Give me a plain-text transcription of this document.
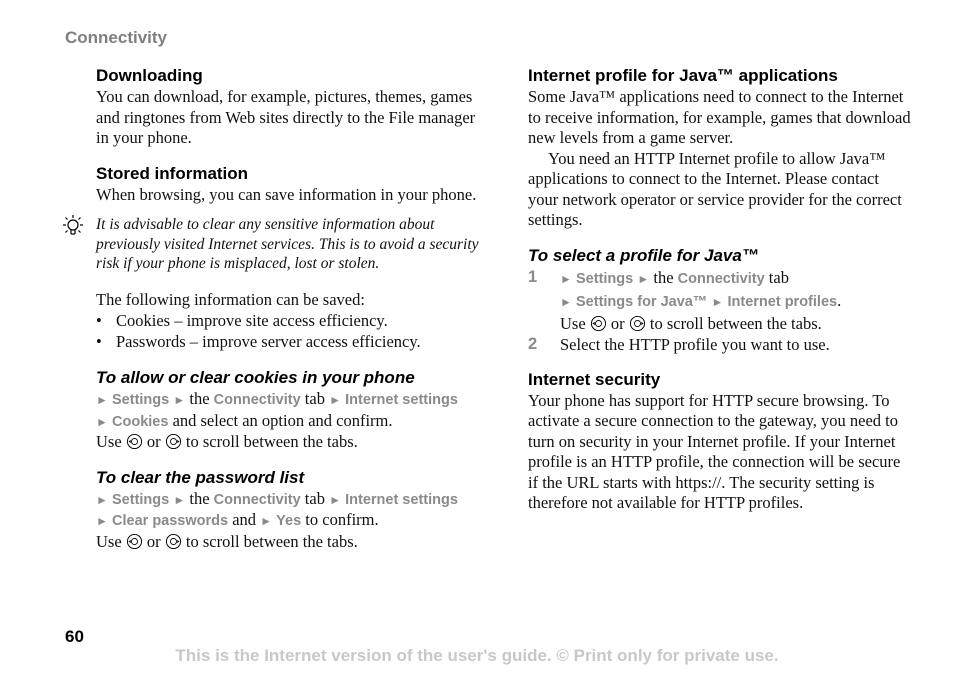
Connectivity
Downloading

You can download, for example, pictures, themes, games and ringtones from Web sites directly to the File manager in your phone.

Stored information

When browsing, you can save information in your phone.

It is advisable to clear any sensitive information about previously visited Internet services. This is to avoid a security risk if your phone is misplaced, lost or stolen.

The following information can be saved:

• Cookies – improve site access efficiency.
• Passwords – improve server access efficiency.
To allow or clear cookies in your phone

► Settings ► the Connectivity tab ► Internet settings

► Cookies and select an option and confirm.

Use or to scroll between the tabs.

To clear the password list

► Settings ► the Connectivity tab ► Internet settings

► Clear passwords and ► Yes to confirm.

Use or to scroll between the tabs.

Internet profile for Java™ applications

Some Java™ applications need to connect to the Internet to receive information, for example, games that download new levels from a game server.

You need an HTTP Internet profile to allow Java™ applications to connect to the Internet. Please contact your network operator or service provider for the correct settings.

To select a profile for Java™
1 ► Settings ► the Connectivity tab
► Settings for Java™ ► Internet profiles.
Use or to scroll between the tabs.
2 Select the HTTP profile you want to use.
Internet security

Your phone has support for HTTP secure browsing. To activate a secure connection to the gateway, you need to turn on security in your Internet profile. If your Internet profile is an HTTP profile, the connection will be secure if the URL starts with https://. The security setting is therefore not available for HTTP profiles.

60
This is the Internet version of the user's guide. © Print only for private use.
